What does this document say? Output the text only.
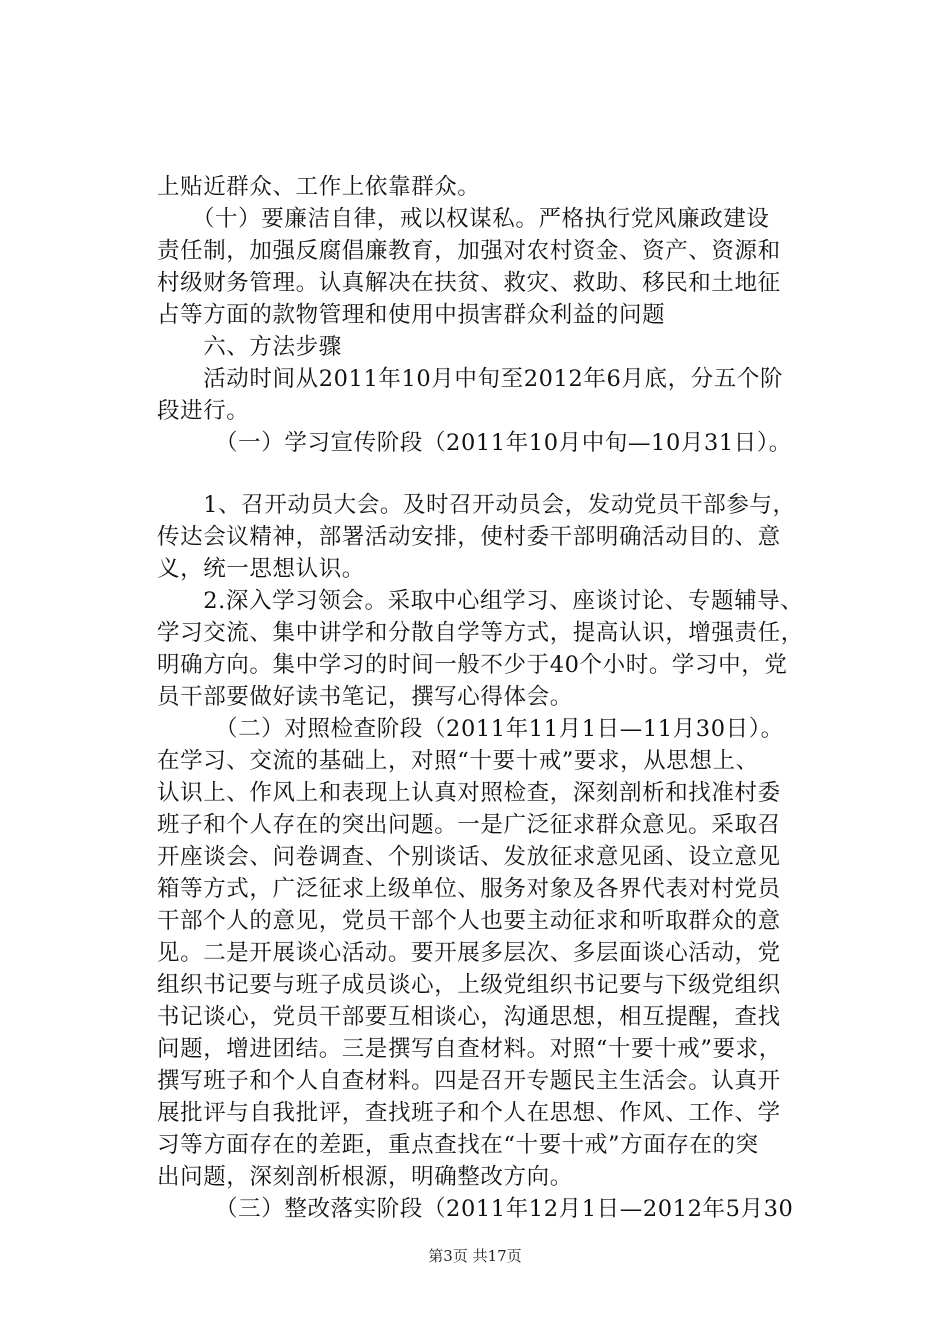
上贴近群众、工作上依靠群众。
　　（十）要廉洁自律，戒以权谋私。严格执行党风廉政建设
责任制，加强反腐倡廉教育，加强对农村资金、资产、资源和
村级财务管理。认真解决在扶贫、救灾、救助、移民和土地征
占等方面的款物管理和使用中损害群众利益的问题
　　六、方法步骤
　　活动时间从2011年10月中旬至2012年6月底，分五个阶
段进行。
　　　（一）学习宣传阶段（2011年10月中旬—10月31日）。
　　1、召开动员大会。及时召开动员会，发动党员干部参与，
传达会议精神，部署活动安排，使村委干部明确活动目的、意
义，统一思想认识。
　　2.深入学习领会。采取中心组学习、座谈讨论、专题辅导、
学习交流、集中讲学和分散自学等方式，提高认识，增强责任，
明确方向。集中学习的时间一般不少于40个小时。学习中，党
员干部要做好读书笔记，撰写心得体会。
　　　（二）对照检查阶段（2011年11月1日—11月30日）。
在学习、交流的基础上，对照“十要十戒”要求，从思想上、
认识上、作风上和表现上认真对照检查，深刻剖析和找准村委
班子和个人存在的突出问题。一是广泛征求群众意见。采取召
开座谈会、问卷调查、个别谈话、发放征求意见函、设立意见
箱等方式，广泛征求上级单位、服务对象及各界代表对村党员
干部个人的意见，党员干部个人也要主动征求和听取群众的意
见。二是开展谈心活动。要开展多层次、多层面谈心活动，党
组织书记要与班子成员谈心，上级党组织书记要与下级党组织
书记谈心，党员干部要互相谈心，沟通思想，相互提醒，查找
问题，增进团结。三是撰写自查材料。对照“十要十戒”要求，
撰写班子和个人自查材料。四是召开专题民主生活会。认真开
展批评与自我批评，查找班子和个人在思想、作风、工作、学
习等方面存在的差距，重点查找在“十要十戒”方面存在的突
出问题，深刻剖析根源，明确整改方向。
　　　（三）整改落实阶段（2011年12月1日—2012年5月30
第3页 共17页
